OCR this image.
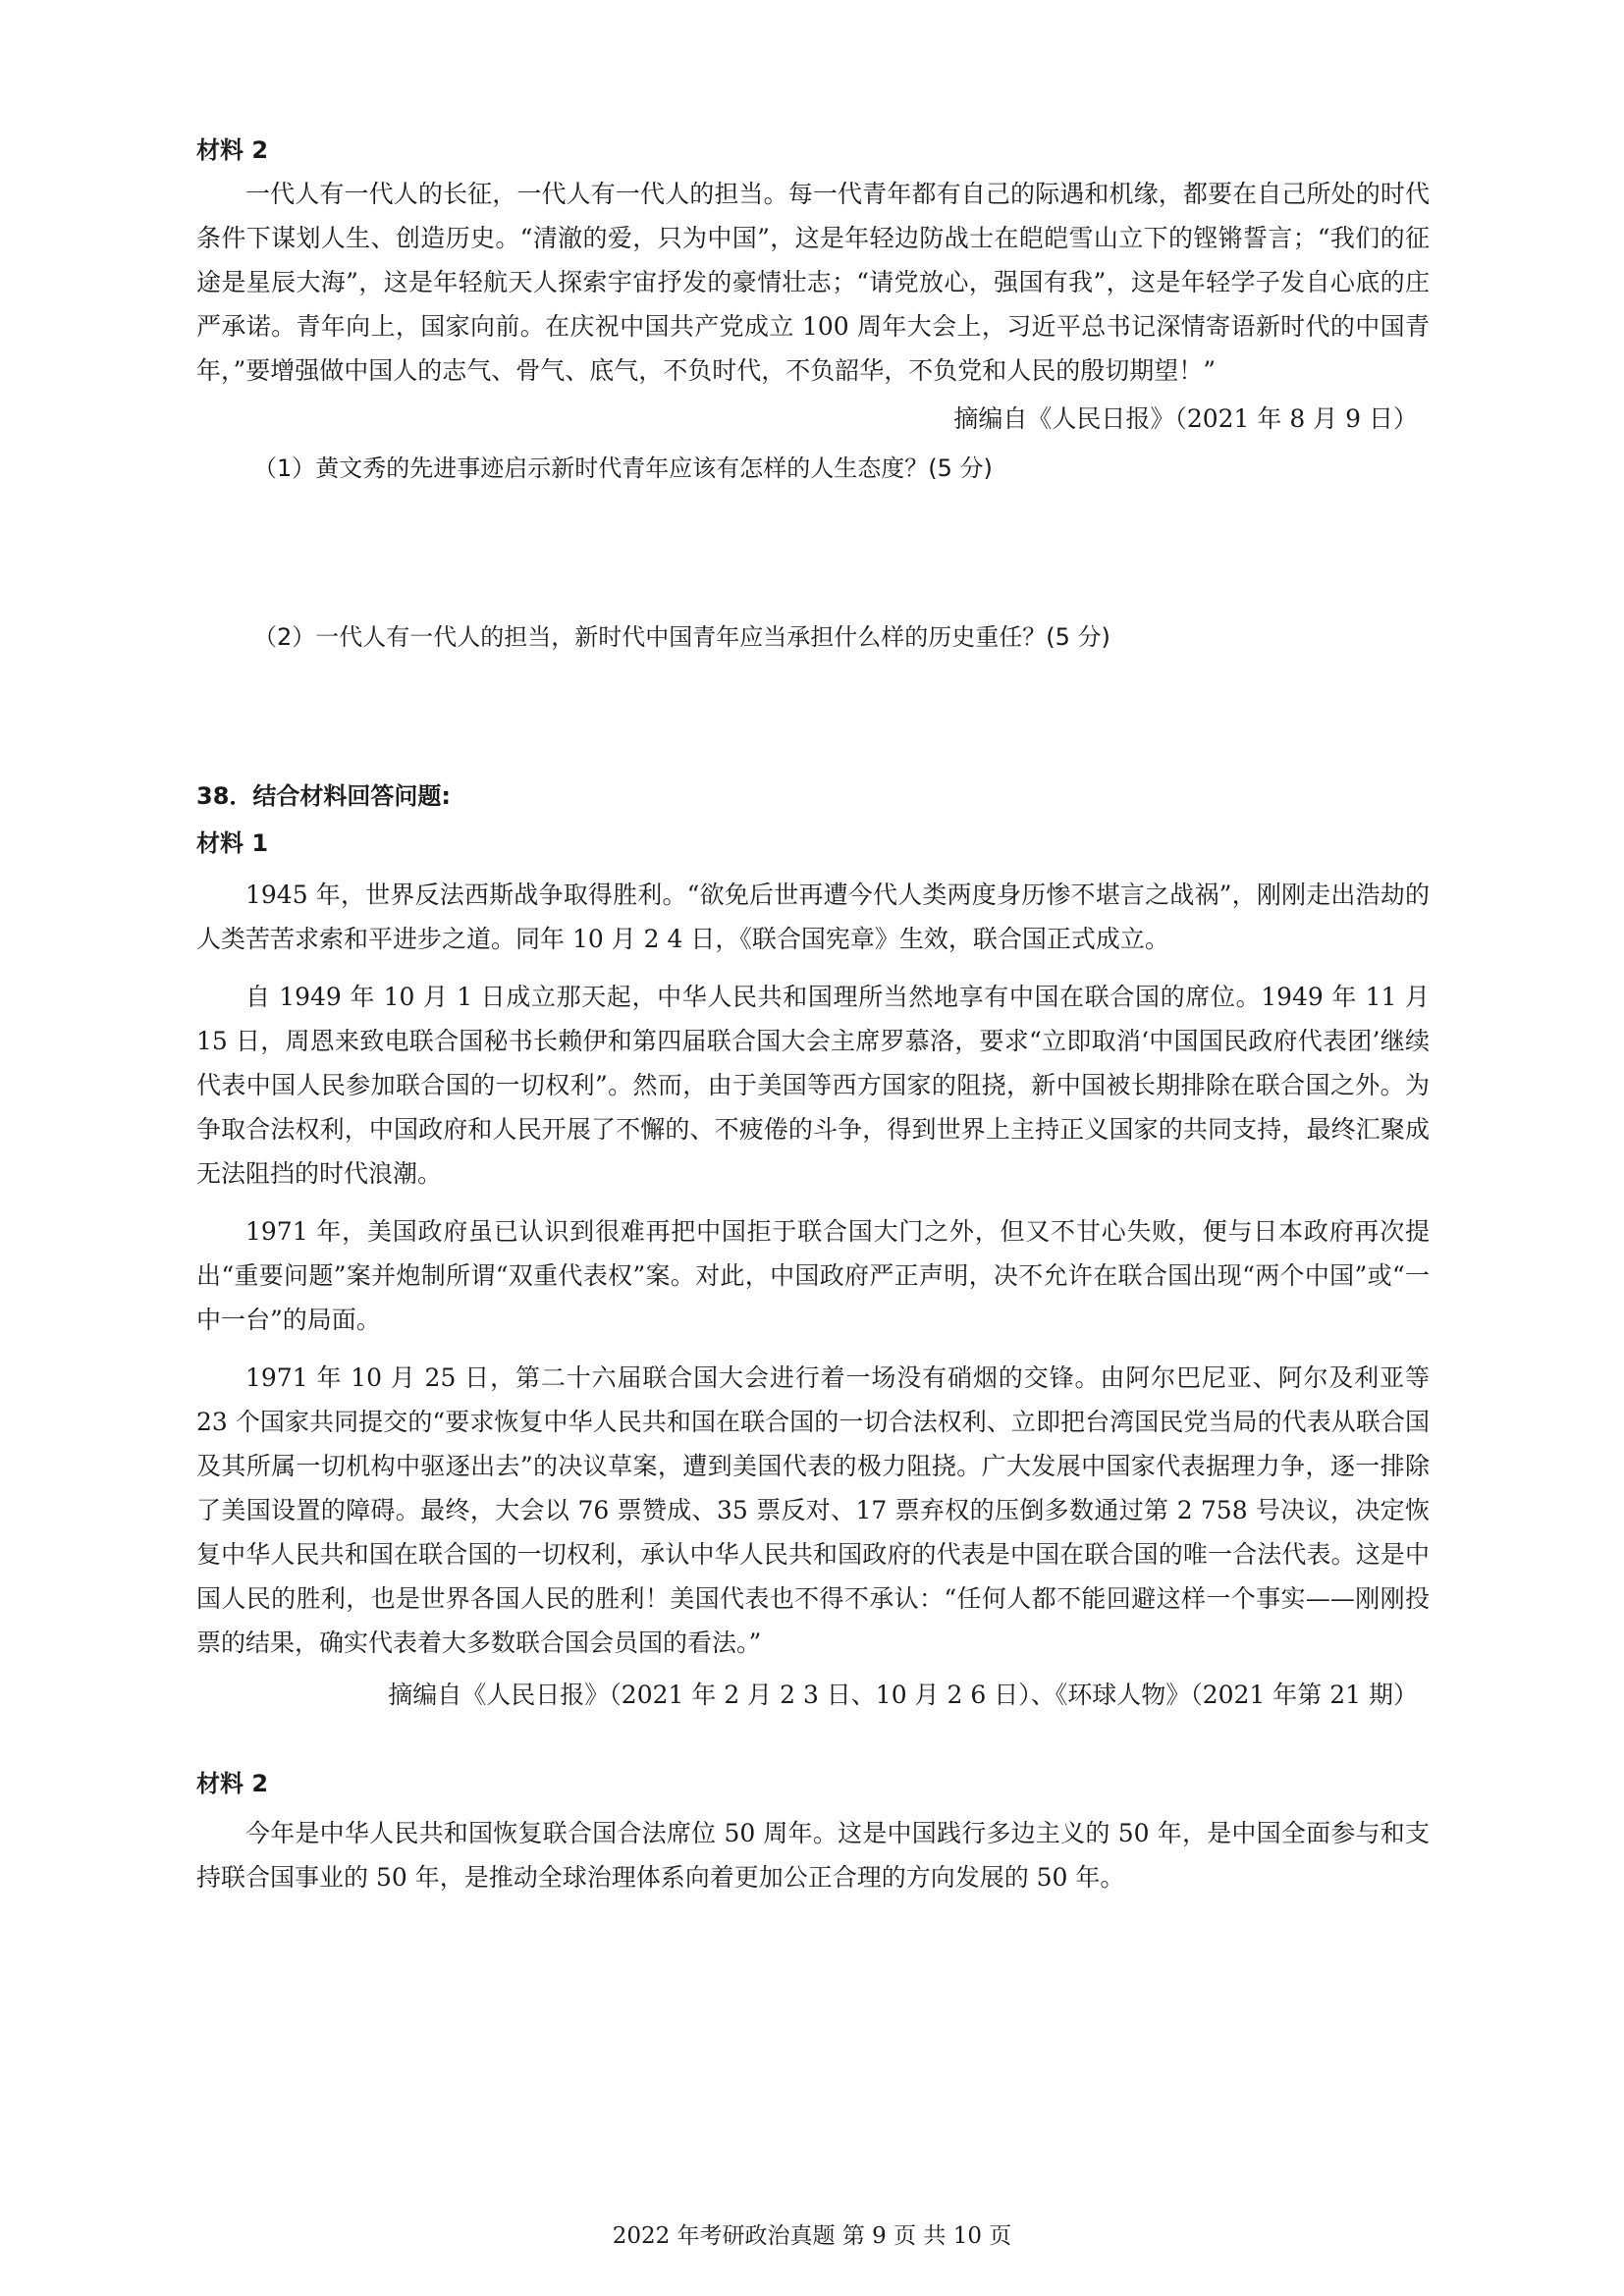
材料 2

一代人有一代人的长征，一代人有一代人的担当。每一代青年都有自己的际遇和机缘，都要在自己所处的时代条件下谋划人生、创造历史。“清澈的爱，只为中国”，这是年轻边防战士在皑皑雪山立下的铿锵誓言；“我们的征途是星辰大海”，这是年轻航天人探索宇宙抒发的豪情壮志；“请党放心，强国有我”，这是年轻学子发自心底的庄严承诺。青年向上，国家向前。在庆祝中国共产党成立 100 周年大会上，习近平总书记深情寄语新时代的中国青年，”要增强做中国人的志气、骨气、底气，不负时代，不负韶华，不负党和人民的殷切期望！”

摘编自《人民日报》（2021 年 8 月 9 日）

（1）黄文秀的先进事迹启示新时代青年应该有怎样的人生态度？(5 分)

（2）一代人有一代人的担当，新时代中国青年应当承担什么样的历史重任？(5 分)

38．结合材料回答问题:
材料 1

1945 年，世界反法西斯战争取得胜利。“欲免后世再遭今代人类两度身历惨不堪言之战祸”，刚刚走出浩劫的人类苦苦求索和平进步之道。同年 10 月 2 4 日，《联合国宪章》生效，联合国正式成立。

自 1949 年 10 月 1 日成立那天起，中华人民共和国理所当然地享有中国在联合国的席位。1949 年 11 月 15 日，周恩来致电联合国秘书长赖伊和第四届联合国大会主席罗慕洛，要求“立即取消‘中国国民政府代表团’继续代表中国人民参加联合国的一切权利”。然而，由于美国等西方国家的阻挠，新中国被长期排除在联合国之外。为争取合法权利，中国政府和人民开展了不懈的、不疲倦的斗争，得到世界上主持正义国家的共同支持，最终汇聚成无法阻挡的时代浪潮。

1971 年，美国政府虽已认识到很难再把中国拒于联合国大门之外，但又不甘心失败，便与日本政府再次提出“重要问题”案并炮制所谓“双重代表权”案。对此，中国政府严正声明，决不允许在联合国出现“两个中国”或“一中一台”的局面。

1971 年 10 月 25 日，第二十六届联合国大会进行着一场没有硝烟的交锋。由阿尔巴尼亚、阿尔及利亚等 23 个国家共同提交的“要求恢复中华人民共和国在联合国的一切合法权利、立即把台湾国民党当局的代表从联合国及其所属一切机构中驱逐出去”的决议草案，遭到美国代表的极力阻挠。广大发展中国家代表据理力争，逐一排除了美国设置的障碍。最终，大会以 76 票赞成、35 票反对、17 票弃权的压倒多数通过第 2 758 号决议，决定恢复中华人民共和国在联合国的一切权利，承认中华人民共和国政府的代表是中国在联合国的唯一合法代表。这是中国人民的胜利，也是世界各国人民的胜利！美国代表也不得不承认：“任何人都不能回避这样一个事实——刚刚投票的结果，确实代表着大多数联合国会员国的看法。”

摘编自《人民日报》（2021 年 2 月 2 3 日、10 月 2 6 日）、《环球人物》（2021 年第 21 期）

材料 2

今年是中华人民共和国恢复联合国合法席位 50 周年。这是中国践行多边主义的 50 年，是中国全面参与和支持联合国事业的 50 年，是推动全球治理体系向着更加公正合理的方向发展的 50 年。

2022 年考研政治真题 第 9 页 共 10 页
